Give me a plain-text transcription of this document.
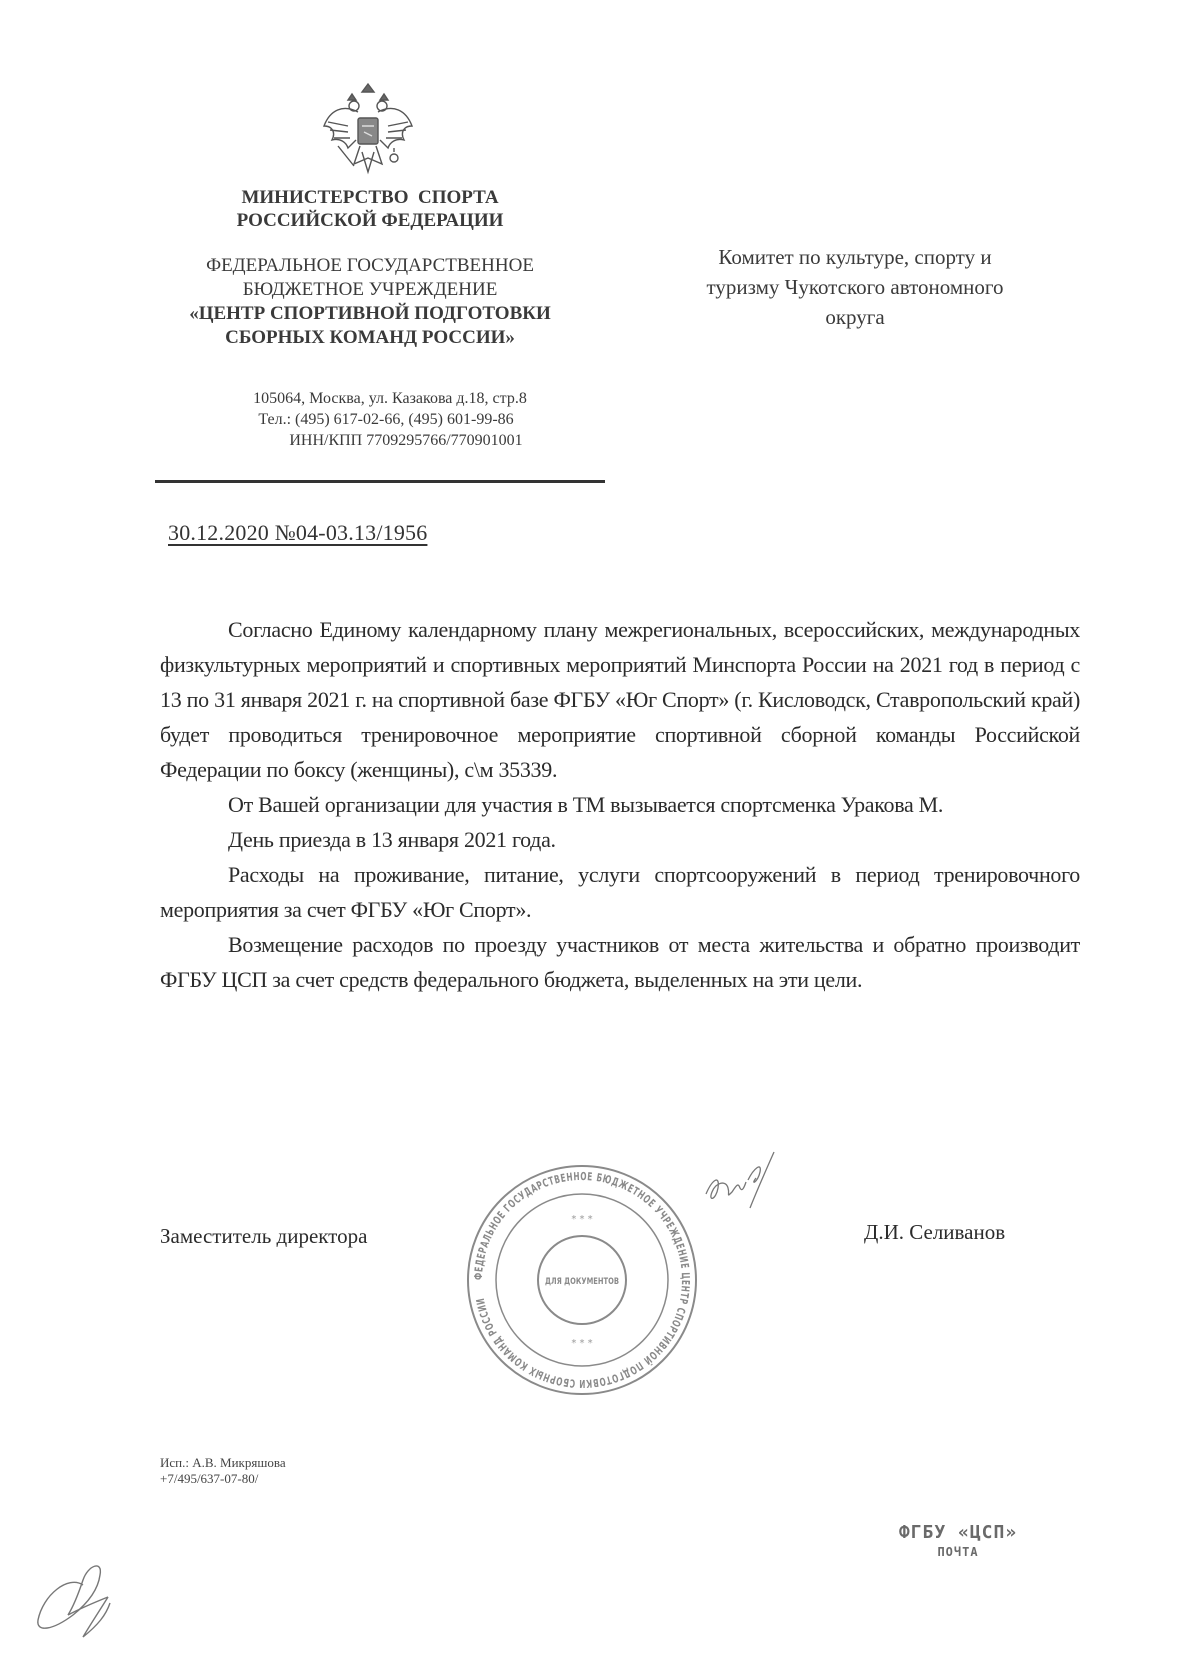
МИНИСТЕРСТВО  СПОРТА
РОССИЙСКОЙ ФЕДЕРАЦИИ
ФЕДЕРАЛЬНОЕ ГОСУДАРСТВЕННОЕ
БЮДЖЕТНОЕ УЧРЕЖДЕНИЕ
«ЦЕНТР СПОРТИВНОЙ ПОДГОТОВКИ
СБОРНЫХ КОМАНД РОССИИ»
105064, Москва, ул. Казакова д.18, стр.8
Тел.: (495) 617-02-66, (495) 601-99-86
ИНН/КПП 7709295766/770901001
Комитет по культуре, спорту и
туризму Чукотского автономного
округа
30.12.2020 №04-03.13/1956

Согласно Единому календарному плану межрегиональных, всероссийских, международных физкультурных мероприятий и спортивных мероприятий Минспорта России на 2021 год в период с 13 по 31 января 2021 г. на спортивной базе ФГБУ «Юг Спорт» (г. Кисловодск, Ставропольский край) будет проводиться тренировочное мероприятие спортивной сборной команды Российской Федерации по боксу (женщины), с\м 35339.

От Вашей организации для участия в ТМ вызывается спортсменка Уракова М.

День приезда в 13 января 2021 года.

Расходы на проживание, питание, услуги спортсооружений в период тренировочного мероприятия за счет ФГБУ «Юг Спорт».

Возмещение расходов по проезду участников от места жительства и обратно производит ФГБУ ЦСП за счет средств федерального бюджета, выделенных на эти цели.

Заместитель директора
ФЕДЕРАЛЬНОЕ ГОСУДАРСТВЕННОЕ БЮДЖЕТНОЕ УЧРЕЖДЕНИЕ ЦЕНТР СПОРТИВНОЙ ПОДГОТОВКИ СБОРНЫХ КОМАНД РОССИИ
* * *
* * *
ДЛЯ ДОКУМЕНТОВ
Д.И. Селиванов
Исп.: А.В. Микряшова
+7/495/637-07-80/
ФГБУ «ЦСП»
ПОЧТА
